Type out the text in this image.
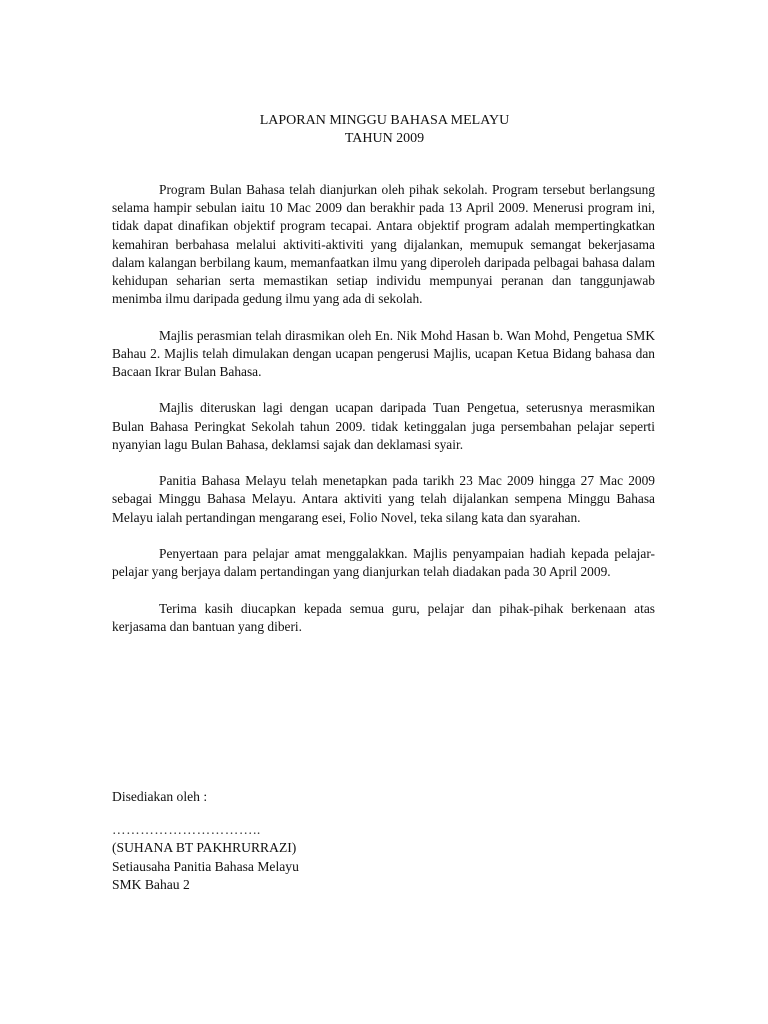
LAPORAN MINGGU BAHASA MELAYU
TAHUN 2009

Program Bulan Bahasa telah dianjurkan oleh pihak sekolah. Program tersebut berlangsung selama hampir sebulan iaitu 10 Mac 2009 dan berakhir pada 13 April 2009. Menerusi program ini, tidak dapat dinafikan objektif program tecapai. Antara objektif program adalah mempertingkatkan kemahiran berbahasa melalui aktiviti-aktiviti yang dijalankan, memupuk semangat bekerjasama dalam kalangan berbilang kaum, memanfaatkan ilmu yang diperoleh daripada pelbagai bahasa dalam kehidupan seharian serta memastikan setiap individu mempunyai peranan dan tanggunjawab menimba ilmu daripada gedung ilmu yang ada di sekolah.

Majlis perasmian telah dirasmikan oleh En. Nik Mohd Hasan b. Wan Mohd, Pengetua SMK Bahau 2. Majlis telah dimulakan dengan ucapan pengerusi Majlis, ucapan Ketua Bidang bahasa dan Bacaan Ikrar Bulan Bahasa.

Majlis diteruskan lagi dengan ucapan daripada Tuan Pengetua, seterusnya merasmikan Bulan Bahasa Peringkat Sekolah tahun 2009. tidak ketinggalan juga persembahan pelajar seperti nyanyian lagu Bulan Bahasa, deklamsi sajak dan deklamasi syair.

Panitia Bahasa Melayu telah menetapkan pada tarikh 23 Mac 2009 hingga 27 Mac 2009 sebagai Minggu Bahasa Melayu. Antara aktiviti yang telah dijalankan sempena Minggu Bahasa Melayu ialah pertandingan mengarang esei, Folio Novel, teka silang kata dan syarahan.

Penyertaan para pelajar amat menggalakkan. Majlis penyampaian hadiah kepada pelajar-pelajar yang berjaya dalam pertandingan yang dianjurkan telah diadakan pada 30 April 2009.

Terima kasih diucapkan kepada semua guru, pelajar dan pihak-pihak berkenaan atas kerjasama dan bantuan yang diberi.

Disediakan oleh :
…………………………..
(SUHANA BT PAKHRURRAZI)
Setiausaha Panitia Bahasa Melayu
SMK Bahau 2
